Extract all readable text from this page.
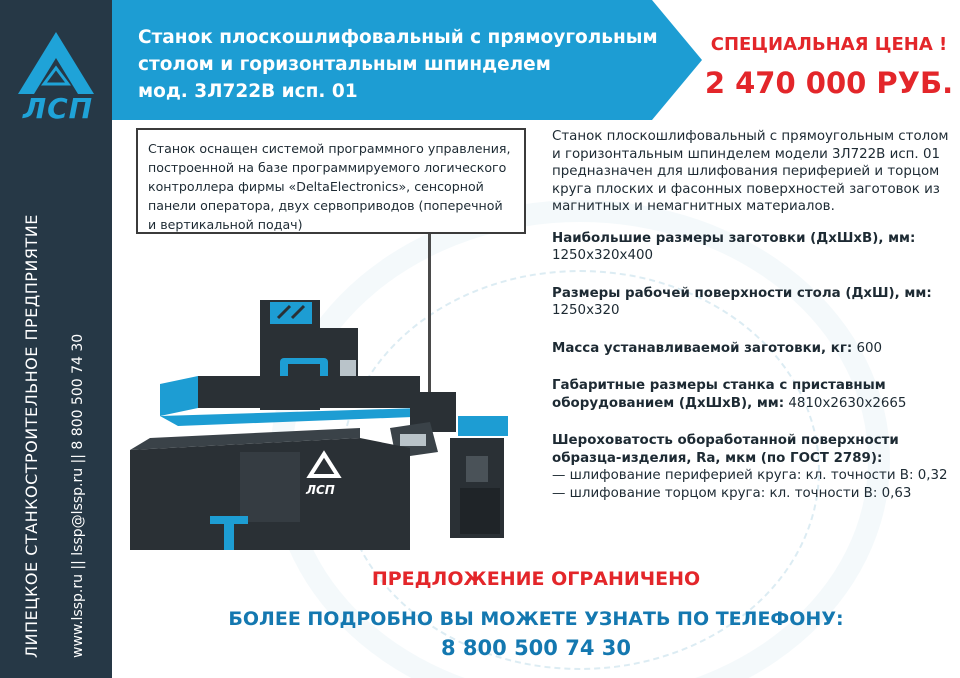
ЛСП
ЛИПЕЦКОЕ СТАНКОСТРОИТЕЛЬНОЕ ПРЕДПРИЯТИЕ www.lssp.ru || lssp@lssp.ru || 8 800 500 74 30
Станок плоскошлифовальный с прямоугольным
столом и горизонтальным шпинделем
мод. 3Л722В исп. 01
СПЕЦИАЛЬНАЯ ЦЕНА !
2 470 000 РУБ.
Станок оснащен системой программного управления, построенной на базе программируемого логического контроллера фирмы «DeltaElectronics», сенсорной панели оператора, двух сервоприводов (поперечной и вертикальной подач)
ЛСП

Станок плоскошлифовальный с прямоугольным столом и горизонтальным шпинделем модели 3Л722В исп. 01 предназначен для шлифования периферией и торцом круга плоских и фасонных поверхностей заготовок из магнитных и немагнитных материалов.

Наибольшие размеры заготовки (ДхШхВ), мм:
1250х320х400

Размеры рабочей поверхности стола (ДхШ), мм:
1250х320

Масса устанавливаемой заготовки, кг: 600

Габаритные размеры станка с приставным оборудованием (ДхШхВ), мм: 4810х2630х2665

Шероховатость оборабoтанной поверхности образца-изделия, Ra, мкм (по ГОСТ 2789):
— шлифование периферией круга: кл. точности В: 0,32
— шлифование торцом круга: кл. точности В: 0,63

ПРЕДЛОЖЕНИЕ ОГРАНИЧЕНО
БОЛЕЕ ПОДРОБНО ВЫ МОЖЕТЕ УЗНАТЬ ПО ТЕЛЕФОНУ:
8 800 500 74 30
